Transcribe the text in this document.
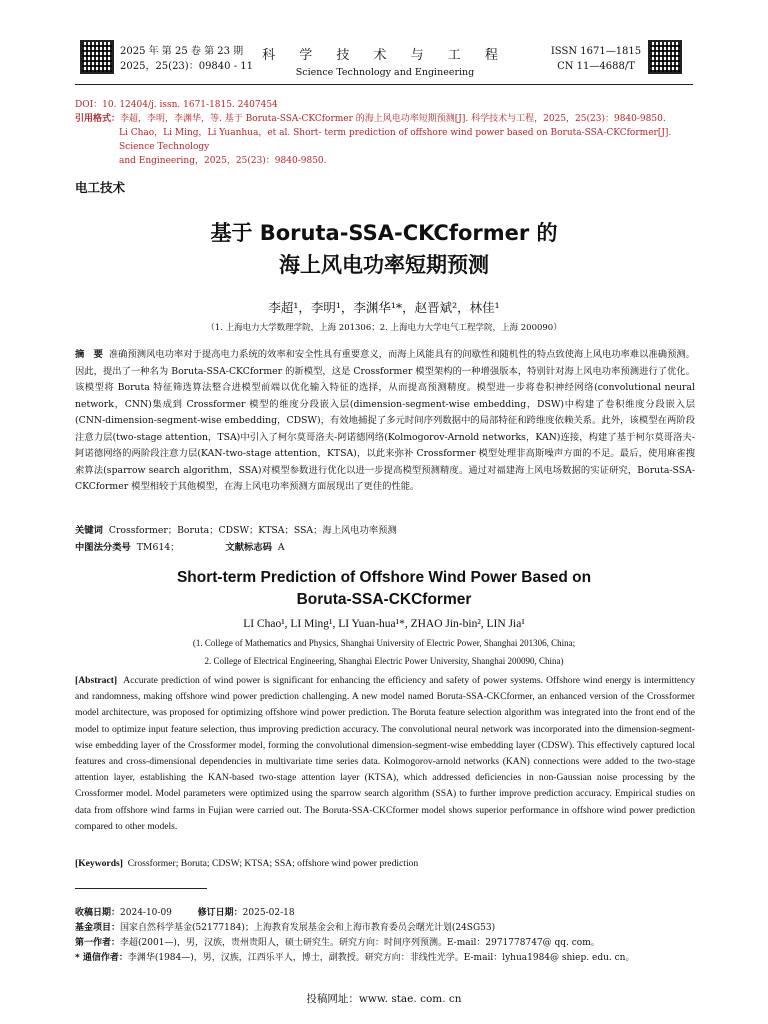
2025 年 第 25 卷 第 23 期
2025，25(23)：09840 - 11
科 学 技 术 与 工 程
Science Technology and Engineering
ISSN 1671—1815
CN 11—4688/T
DOI：10. 12404/j. issn. 1671-1815. 2407454
引用格式：李超，李明，李渊华，等. 基于 Boruta-SSA-CKCformer 的海上风电功率短期预测[J]. 科学技术与工程，2025，25(23)：9840-9850.
Li Chao，Li Ming，Li Yuanhua，et al. Short- term prediction of offshore wind power based on Boruta-SSA-CKCformer[J]. Science Technology
and Engineering，2025，25(23)：9840-9850.
电工技术
基于 Boruta-SSA-CKCformer 的
海上风电功率短期预测
李超¹，李明¹，李渊华¹*，赵晋斌²，林佳¹
（1. 上海电力大学数理学院，上海 201306；2. 上海电力大学电气工程学院，上海 200090）
摘　要 准确预测风电功率对于提高电力系统的效率和安全性具有重要意义，而海上风能具有的间歇性和随机性的特点致使海上风电功率难以准确预测。因此，提出了一种名为 Boruta-SSA-CKCformer 的新模型，这是 Crossformer 模型架构的一种增强版本，特别针对海上风电功率预测进行了优化。该模型将 Boruta 特征筛选算法整合进模型前端以优化输入特征的选择，从而提高预测精度。模型进一步将卷积神经网络(convolutional neural network，CNN)集成到 Crossformer 模型的维度分段嵌入层(dimension-segment-wise embedding，DSW)中构建了卷积维度分段嵌入层(CNN-dimension-segment-wise embedding，CDSW)，有效地捕捉了多元时间序列数据中的局部特征和跨维度依赖关系。此外，该模型在两阶段注意力层(two-stage attention，TSA)中引入了柯尔莫哥洛夫-阿诺德网络(Kolmogorov-Arnold networks，KAN)连接，构建了基于柯尔莫哥洛夫-阿诺德网络的两阶段注意力层(KAN-two-stage attention，KTSA)，以此来弥补 Crossformer 模型处理非高斯噪声方面的不足。最后，使用麻雀搜索算法(sparrow search algorithm，SSA)对模型参数进行优化以进一步提高模型预测精度。通过对福建海上风电场数据的实证研究，Boruta-SSA-CKCformer 模型相较于其他模型，在海上风电功率预测方面展现出了更佳的性能。
关键词 Crossformer；Boruta；CDSW；KTSA；SSA；海上风电功率预测
中图法分类号 TM614；	文献标志码 A
Short-term Prediction of Offshore Wind Power Based on
Boruta-SSA-CKCformer
LI Chao¹, LI Ming¹, LI Yuan-hua¹*, ZHAO Jin-bin², LIN Jia¹
(1. College of Mathematics and Physics, Shanghai University of Electric Power, Shanghai 201306, China;
2. College of Electrical Engineering, Shanghai Electric Power University, Shanghai 200090, China)
[Abstract] Accurate prediction of wind power is significant for enhancing the efficiency and safety of power systems. Offshore wind energy is intermittency and randomness, making offshore wind power prediction challenging. A new model named Boruta-SSA-CKCformer, an enhanced version of the Crossformer model architecture, was proposed for optimizing offshore wind power prediction. The Boruta feature selection algorithm was integrated into the front end of the model to optimize input feature selection, thus improving prediction accuracy. The convolutional neural network was incorporated into the dimension-segment-wise embedding layer of the Crossformer model, forming the convolutional dimension-segment-wise embedding layer (CDSW). This effectively captured local features and cross-dimensional dependencies in multivariate time series data. Kolmogorov-arnold networks (KAN) connections were added to the two-stage attention layer, establishing the KAN-based two-stage attention layer (KTSA), which addressed deficiencies in non-Gaussian noise processing by the Crossformer model. Model parameters were optimized using the sparrow search algorithm (SSA) to further improve prediction accuracy. Empirical studies on data from offshore wind farms in Fujian were carried out. The Boruta-SSA-CKCformer model shows superior performance in offshore wind power prediction compared to other models.
[Keywords] Crossformer; Boruta; CDSW; KTSA; SSA; offshore wind power prediction
收稿日期：2024-10-09	修订日期：2025-02-18
基金项目：国家自然科学基金(52177184)；上海教育发展基金会和上海市教育委员会曙光计划(24SG53)
第一作者：李超(2001—)，男，汉族，贵州贵阳人，硕士研究生。研究方向：时间序列预测。E-mail：2971778747@ qq. com。
* 通信作者：李渊华(1984—)，男，汉族，江西乐平人，博士，副教授。研究方向：非线性光学。E-mail：lyhua1984@ shiep. edu. cn。
投稿网址：www. stae. com. cn
